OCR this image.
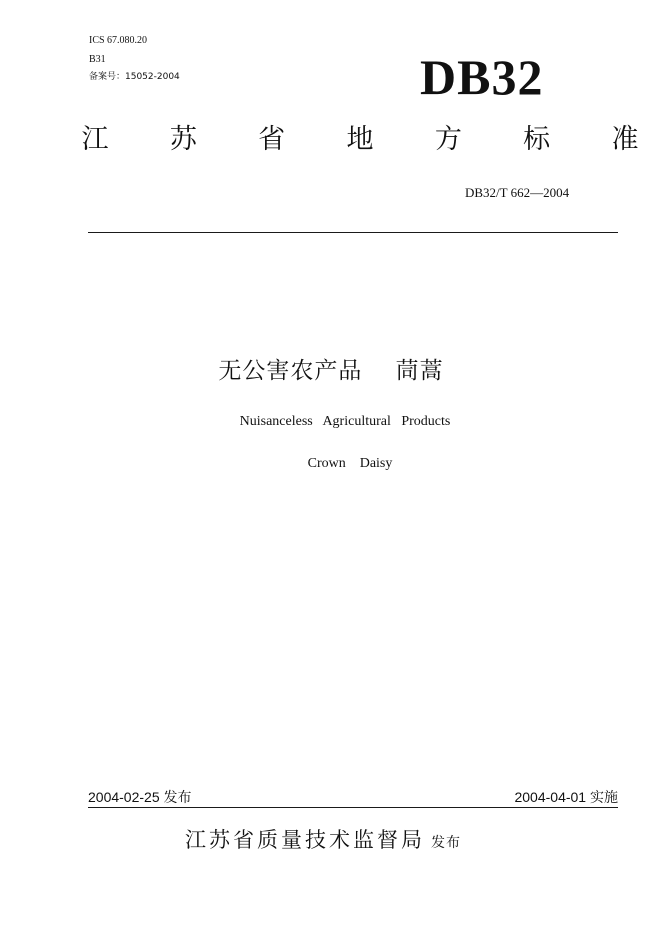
ICS 67.080.20
B31
备案号：15052-2004	DB32
江 苏 省 地 方 标 准
DB32/T 662—2004
无公害农产品    茼蒿
Nuisanceless   Agricultural   Products
Crown    Daisy
2004-02-25 发布	2004-04-01 实施
江苏省质量技术监督局 发布
